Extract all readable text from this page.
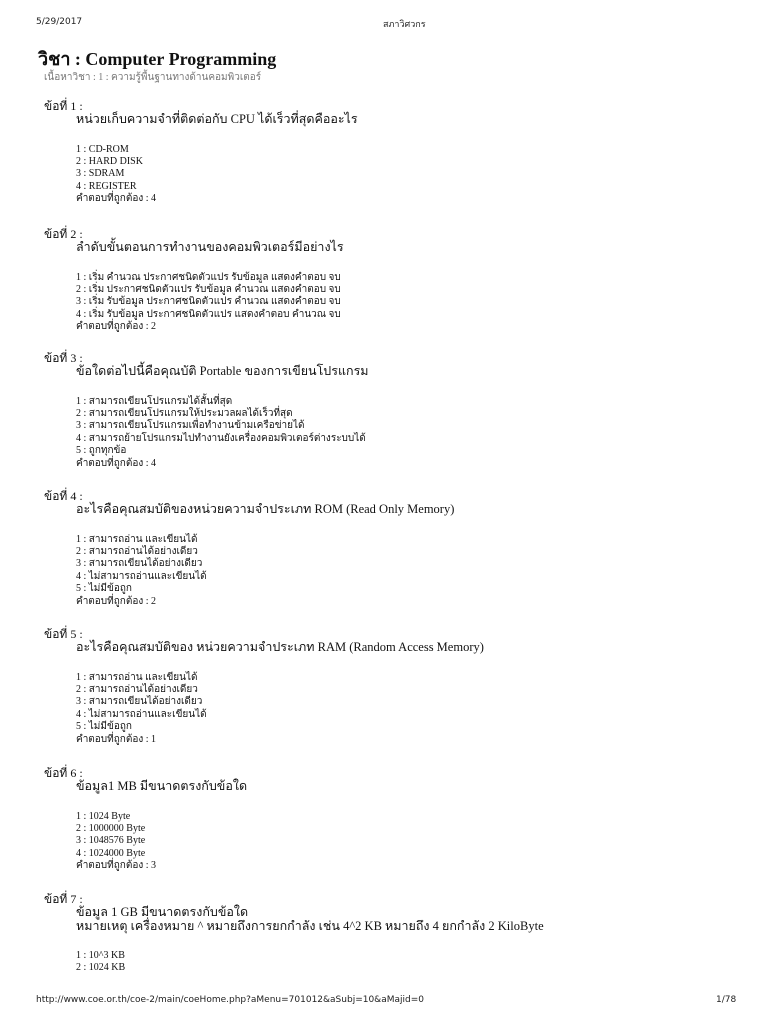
5/29/2017	สภาวิศวกร
วิชา : Computer Programming

เนื้อหาวิชา : 1 : ความรู้พื้นฐานทางด้านคอมพิวเตอร์

ข้อที่ 1 :
หน่วยเก็บความจำที่ติดต่อกับ CPU ได้เร็วที่สุดคืออะไร
1 : CD-ROM
2 : HARD DISK
3 : SDRAM
4 : REGISTER
คำตอบที่ถูกต้อง : 4
ข้อที่ 2 :
ลำดับขั้นตอนการทำงานของคอมพิวเตอร์มีอย่างไร
1 : เริ่ม คำนวณ ประกาศชนิดตัวแปร รับข้อมูล แสดงคำตอบ จบ
2 : เริ่ม ประกาศชนิดตัวแปร รับข้อมูล คำนวณ แสดงคำตอบ จบ
3 : เริ่ม รับข้อมูล ประกาศชนิดตัวแปร คำนวณ แสดงคำตอบ จบ
4 : เริ่ม รับข้อมูล ประกาศชนิดตัวแปร แสดงคำตอบ คำนวณ จบ
คำตอบที่ถูกต้อง : 2
ข้อที่ 3 :
ข้อใดต่อไปนี้คือคุณบัติ Portable ของการเขียนโปรแกรม
1 : สามารถเขียนโปรแกรมได้สั้นที่สุด
2 : สามารถเขียนโปรแกรมให้ประมวลผลได้เร็วที่สุด
3 : สามารถเขียนโปรแกรมเพื่อทำงานข้ามเครือข่ายได้
4 : สามารถย้ายโปรแกรมไปทำงานยังเครื่องคอมพิวเตอร์ต่างระบบได้
5 : ถูกทุกข้อ
คำตอบที่ถูกต้อง : 4
ข้อที่ 4 :
อะไรคือคุณสมบัติของหน่วยความจำประเภท ROM (Read Only Memory)
1 : สามารถอ่าน และเขียนได้
2 : สามารถอ่านได้อย่างเดียว
3 : สามารถเขียนได้อย่างเดียว
4 : ไม่สามารถอ่านและเขียนได้
5 : ไม่มีข้อถูก
คำตอบที่ถูกต้อง : 2
ข้อที่ 5 :
อะไรคือคุณสมบัติของ หน่วยความจำประเภท RAM (Random Access Memory)
1 : สามารถอ่าน และเขียนได้
2 : สามารถอ่านได้อย่างเดียว
3 : สามารถเขียนได้อย่างเดียว
4 : ไม่สามารถอ่านและเขียนได้
5 : ไม่มีข้อถูก
คำตอบที่ถูกต้อง : 1
ข้อที่ 6 :
ข้อมูล1 MB มีขนาดตรงกับข้อใด
1 : 1024 Byte
2 : 1000000 Byte
3 : 1048576 Byte
4 : 1024000 Byte
คำตอบที่ถูกต้อง : 3
ข้อที่ 7 :
ข้อมูล 1 GB มีขนาดตรงกับข้อใด
หมายเหตุ เครื่องหมาย ^ หมายถึงการยกกำลัง เช่น 4^2 KB หมายถึง 4 ยกกำลัง 2 KiloByte
1 : 10^3 KB
2 : 1024 KB
http://www.coe.or.th/coe-2/main/coeHome.php?aMenu=701012&aSubj=10&aMajid=0	1/78
